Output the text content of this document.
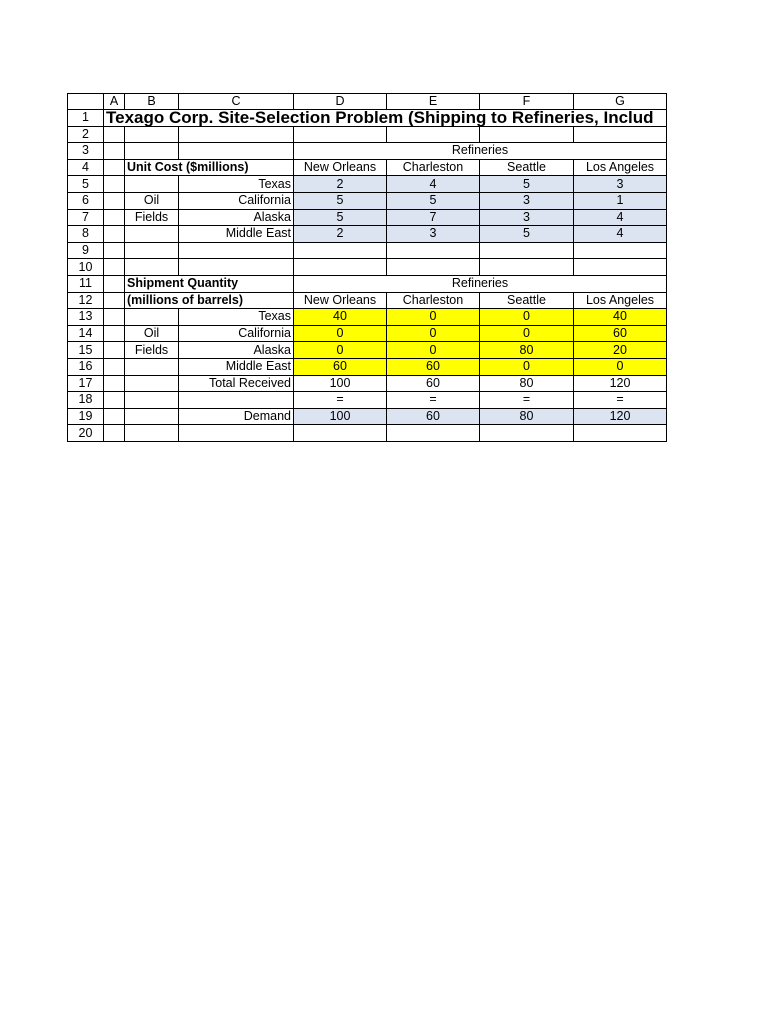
	A	B	C	D	E	F	G
1	Texago Corp. Site-Selection Problem (Shipping to Refineries, Includ						
2							
3				Refineries			
4		Unit Cost ($millions)		New Orleans	Charleston	Seattle	Los Angeles
5			Texas	2	4	5	3
6		Oil	California	5	5	3	1
7		Fields	Alaska	5	7	3	4
8			Middle East	2	3	5	4
9							
10							
11		Shipment Quantity		Refineries			
12		(millions of barrels)		New Orleans	Charleston	Seattle	Los Angeles
13			Texas	40	0	0	40
14		Oil	California	0	0	0	60
15		Fields	Alaska	0	0	80	20
16			Middle East	60	60	0	0
17			Total Received	100	60	80	120
18				=	=	=	=
19			Demand	100	60	80	120
20							
